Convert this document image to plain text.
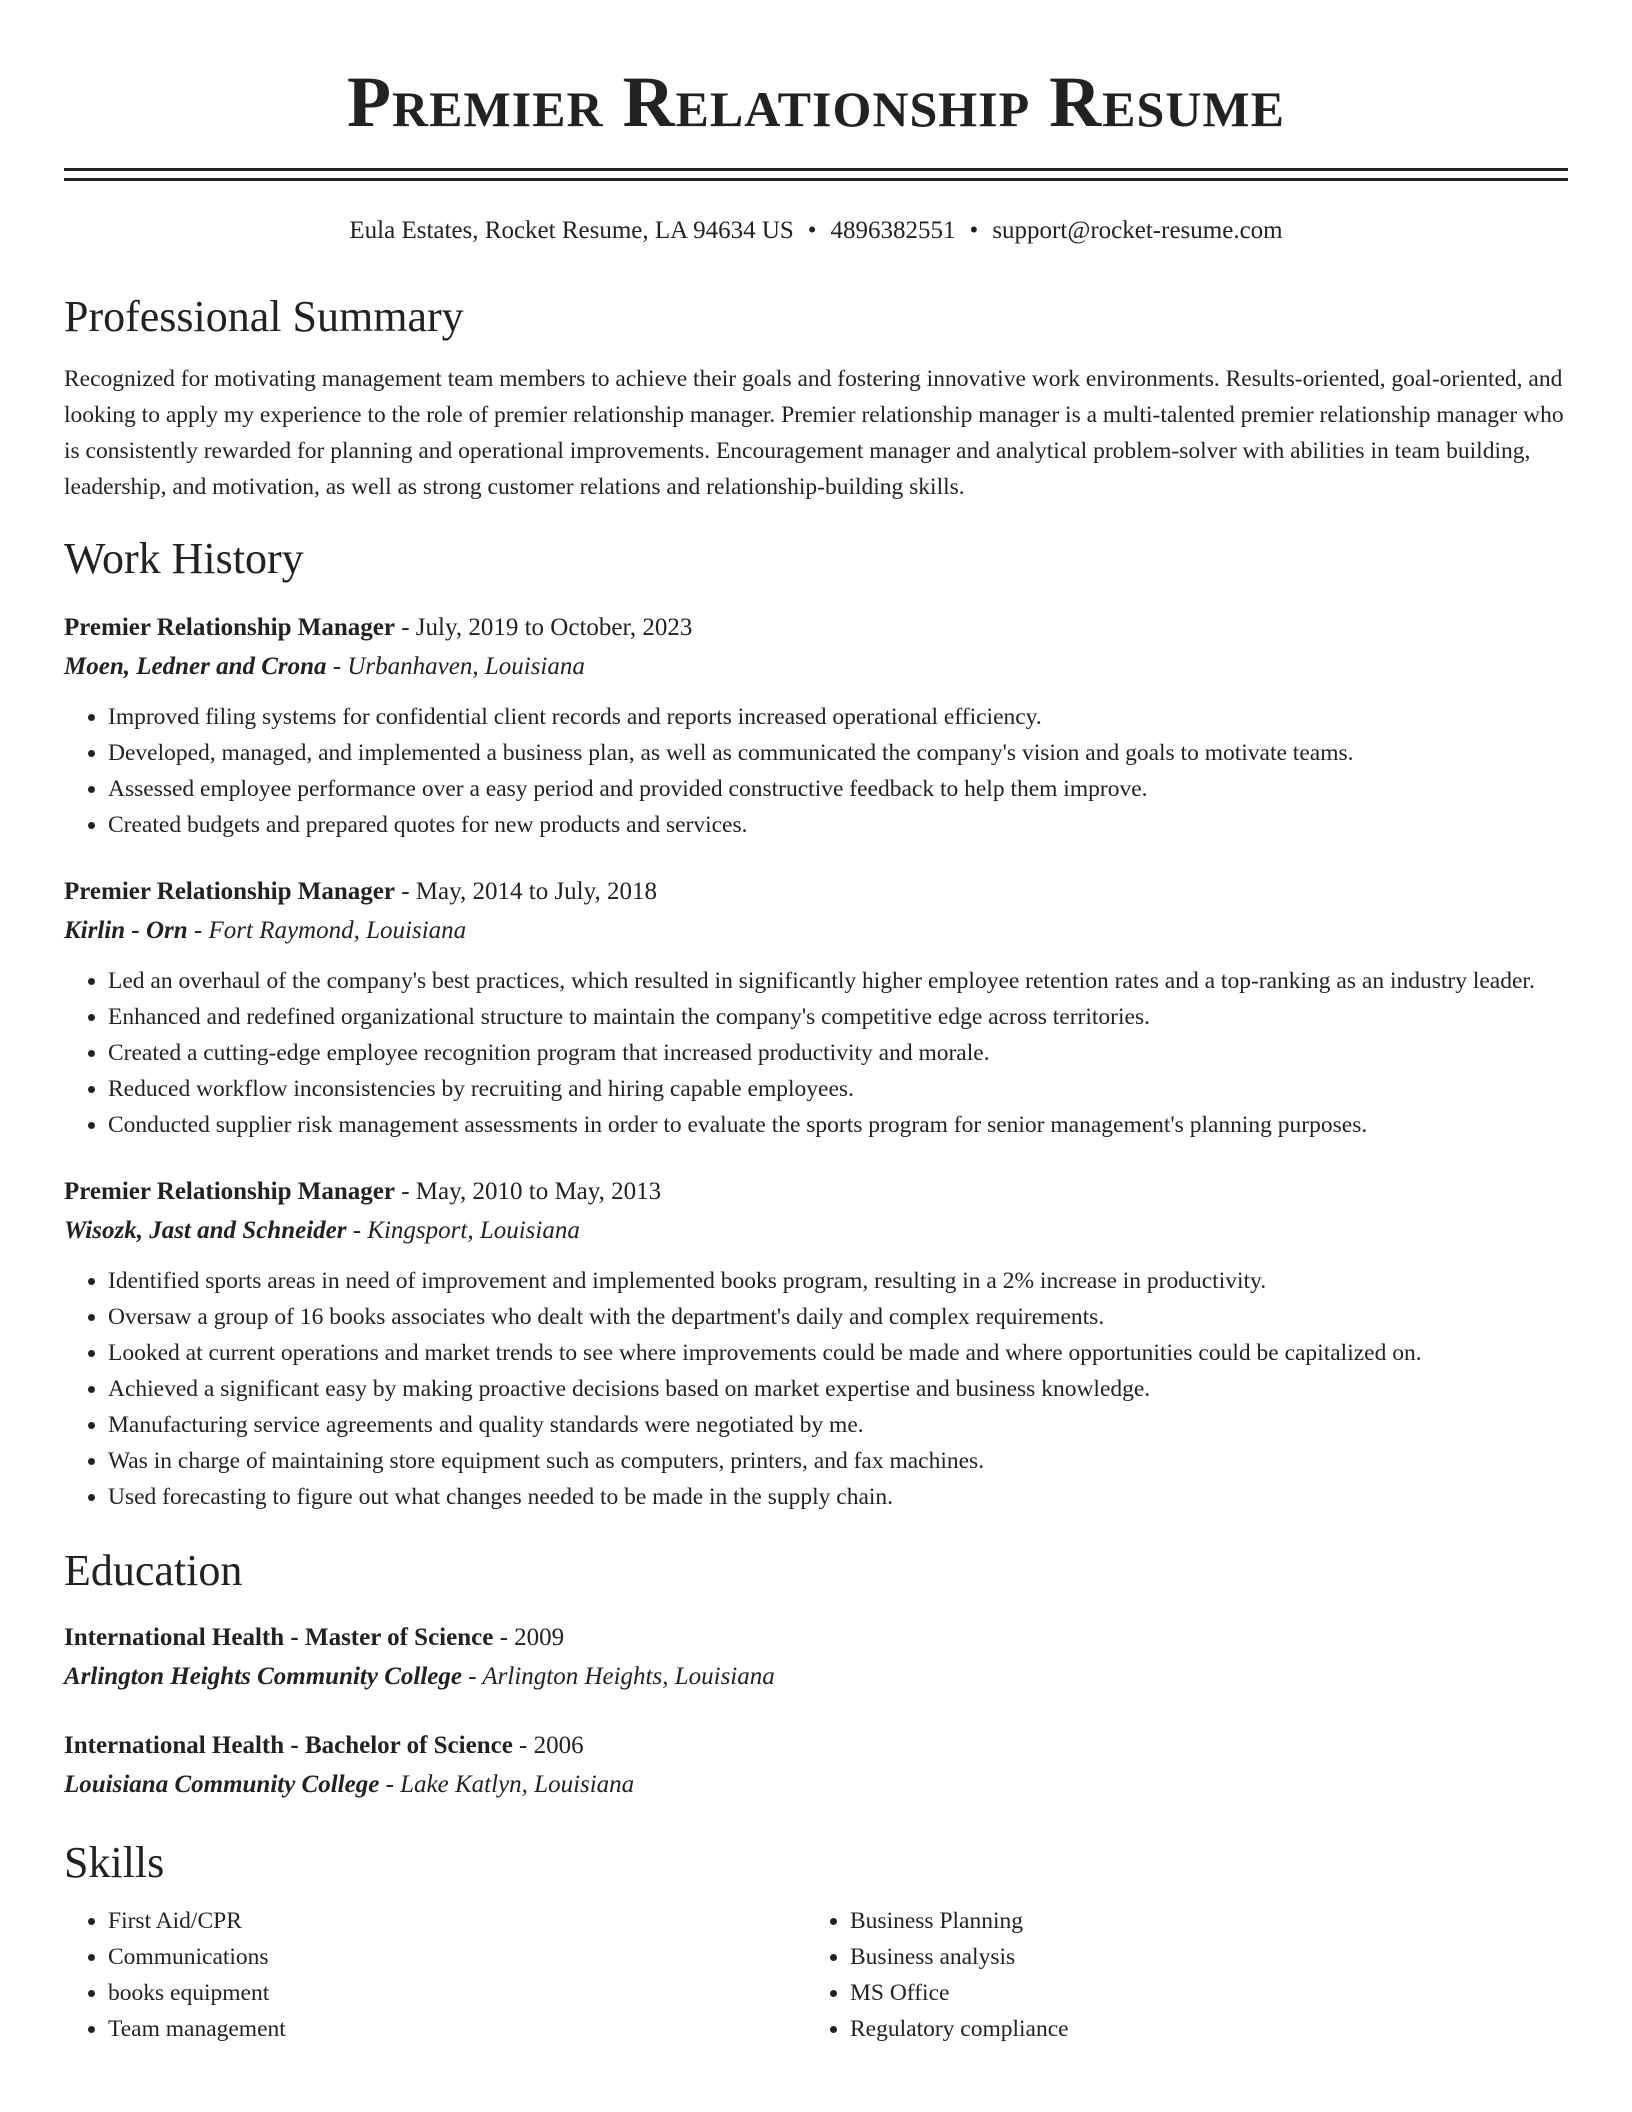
Premier Relationship Resume
Eula Estates, Rocket Resume, LA 94634 US • 4896382551 • support@rocket-resume.com
Professional Summary
Recognized for motivating management team members to achieve their goals and fostering innovative work environments. Results-oriented, goal-oriented, and looking to apply my experience to the role of premier relationship manager. Premier relationship manager is a multi-talented premier relationship manager who is consistently rewarded for planning and operational improvements. Encouragement manager and analytical problem-solver with abilities in team building, leadership, and motivation, as well as strong customer relations and relationship-building skills.
Work History
Premier Relationship Manager - July, 2019 to October, 2023
Moen, Ledner and Crona - Urbanhaven, Louisiana
• Improved filing systems for confidential client records and reports increased operational efficiency.
• Developed, managed, and implemented a business plan, as well as communicated the company's vision and goals to motivate teams.
• Assessed employee performance over a easy period and provided constructive feedback to help them improve.
• Created budgets and prepared quotes for new products and services.
Premier Relationship Manager - May, 2014 to July, 2018
Kirlin - Orn - Fort Raymond, Louisiana
• Led an overhaul of the company's best practices, which resulted in significantly higher employee retention rates and a top-ranking as an industry leader.
• Enhanced and redefined organizational structure to maintain the company's competitive edge across territories.
• Created a cutting-edge employee recognition program that increased productivity and morale.
• Reduced workflow inconsistencies by recruiting and hiring capable employees.
• Conducted supplier risk management assessments in order to evaluate the sports program for senior management's planning purposes.
Premier Relationship Manager - May, 2010 to May, 2013
Wisozk, Jast and Schneider - Kingsport, Louisiana
• Identified sports areas in need of improvement and implemented books program, resulting in a 2% increase in productivity.
• Oversaw a group of 16 books associates who dealt with the department's daily and complex requirements.
• Looked at current operations and market trends to see where improvements could be made and where opportunities could be capitalized on.
• Achieved a significant easy by making proactive decisions based on market expertise and business knowledge.
• Manufacturing service agreements and quality standards were negotiated by me.
• Was in charge of maintaining store equipment such as computers, printers, and fax machines.
• Used forecasting to figure out what changes needed to be made in the supply chain.
Education
International Health - Master of Science - 2009
Arlington Heights Community College - Arlington Heights, Louisiana
International Health - Bachelor of Science - 2006
Louisiana Community College - Lake Katlyn, Louisiana
Skills
• First Aid/CPR
• Communications
• books equipment
• Team management
• Business Planning
• Business analysis
• MS Office
• Regulatory compliance
